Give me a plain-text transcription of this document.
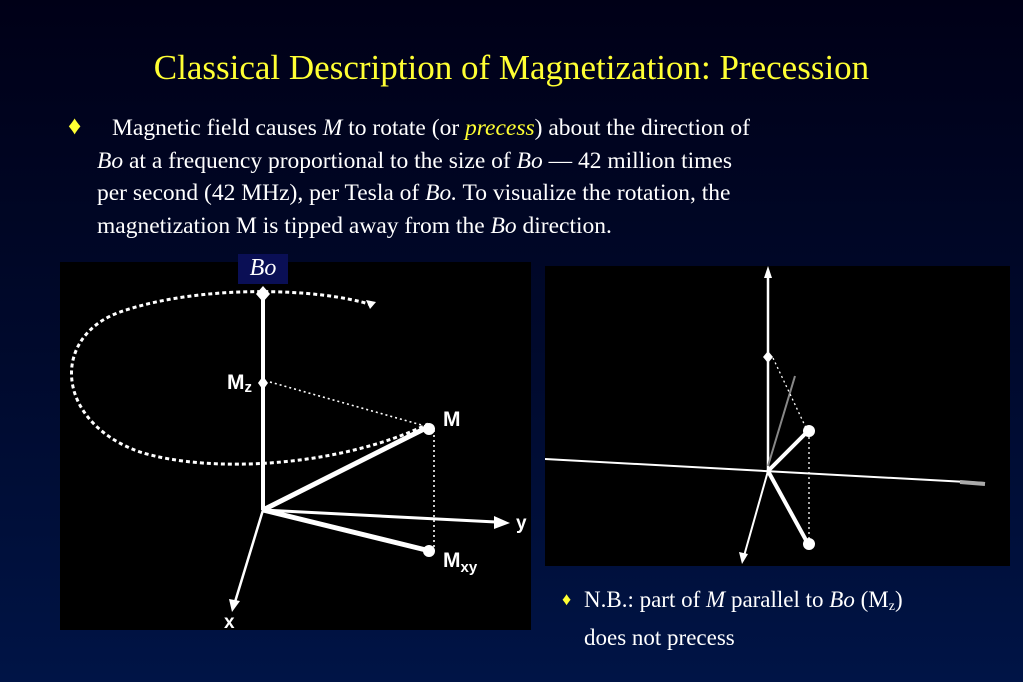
Classical Description of Magnetization: Precession
♦ Magnetic field causes M to rotate (or precess) about the direction of
Bo at a frequency proportional to the size of Bo — 42 million times
per second (42 MHz), per Tesla of Bo. To visualize the rotation, the
magnetization M is tipped away from the Bo direction.
Mz
M
$M_{xy}$
y
x
Bo
♦ N.B.: part of M parallel to Bo $(M_z)$
does not precess
